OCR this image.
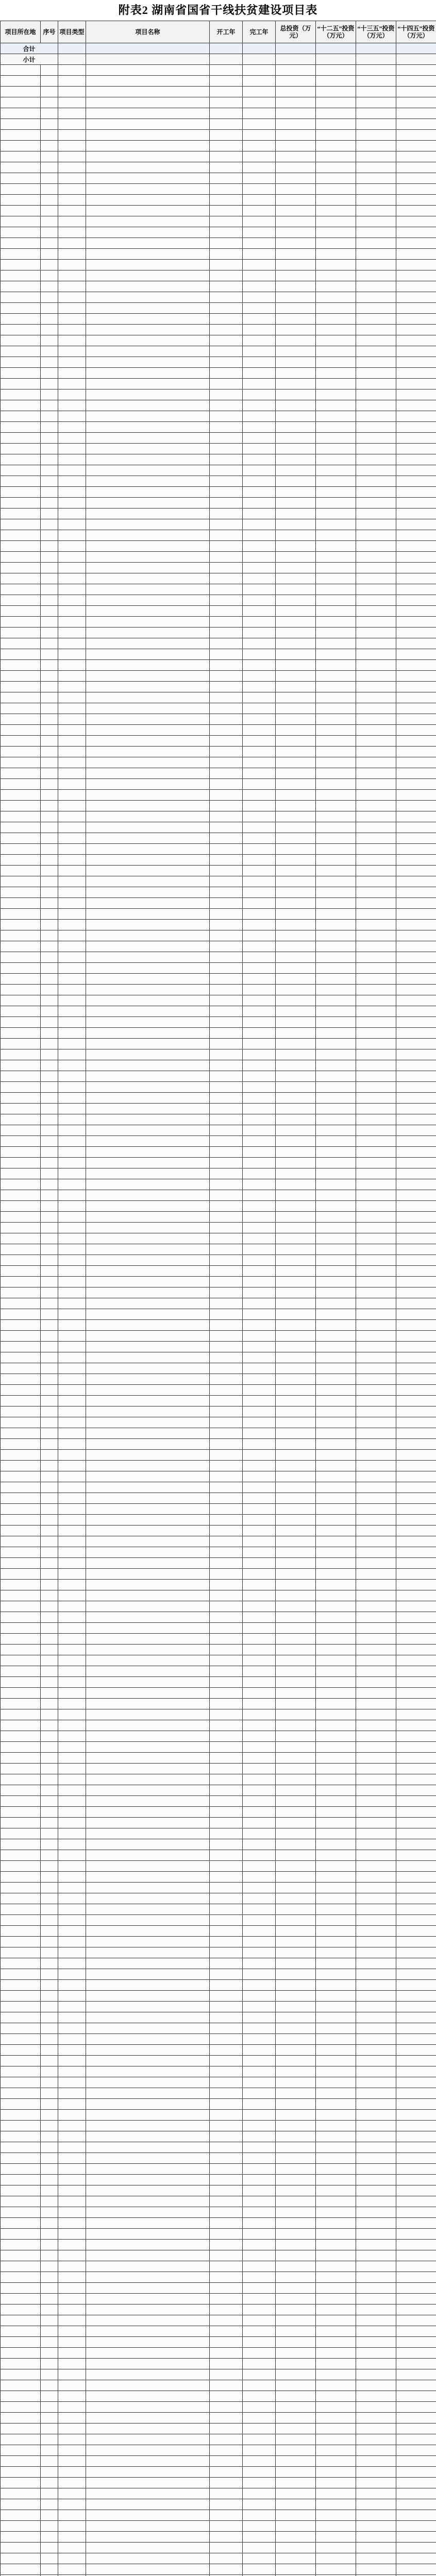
附表2 湖南省国省干线扶贫建设项目表
项目所在地	序号	项目类型	项目名称	开工年	完工年	总投资（万元）	“十二五”投资（万元）	“十三五”投资（万元）	“十四五”投资（万元）
合计									
小计									
